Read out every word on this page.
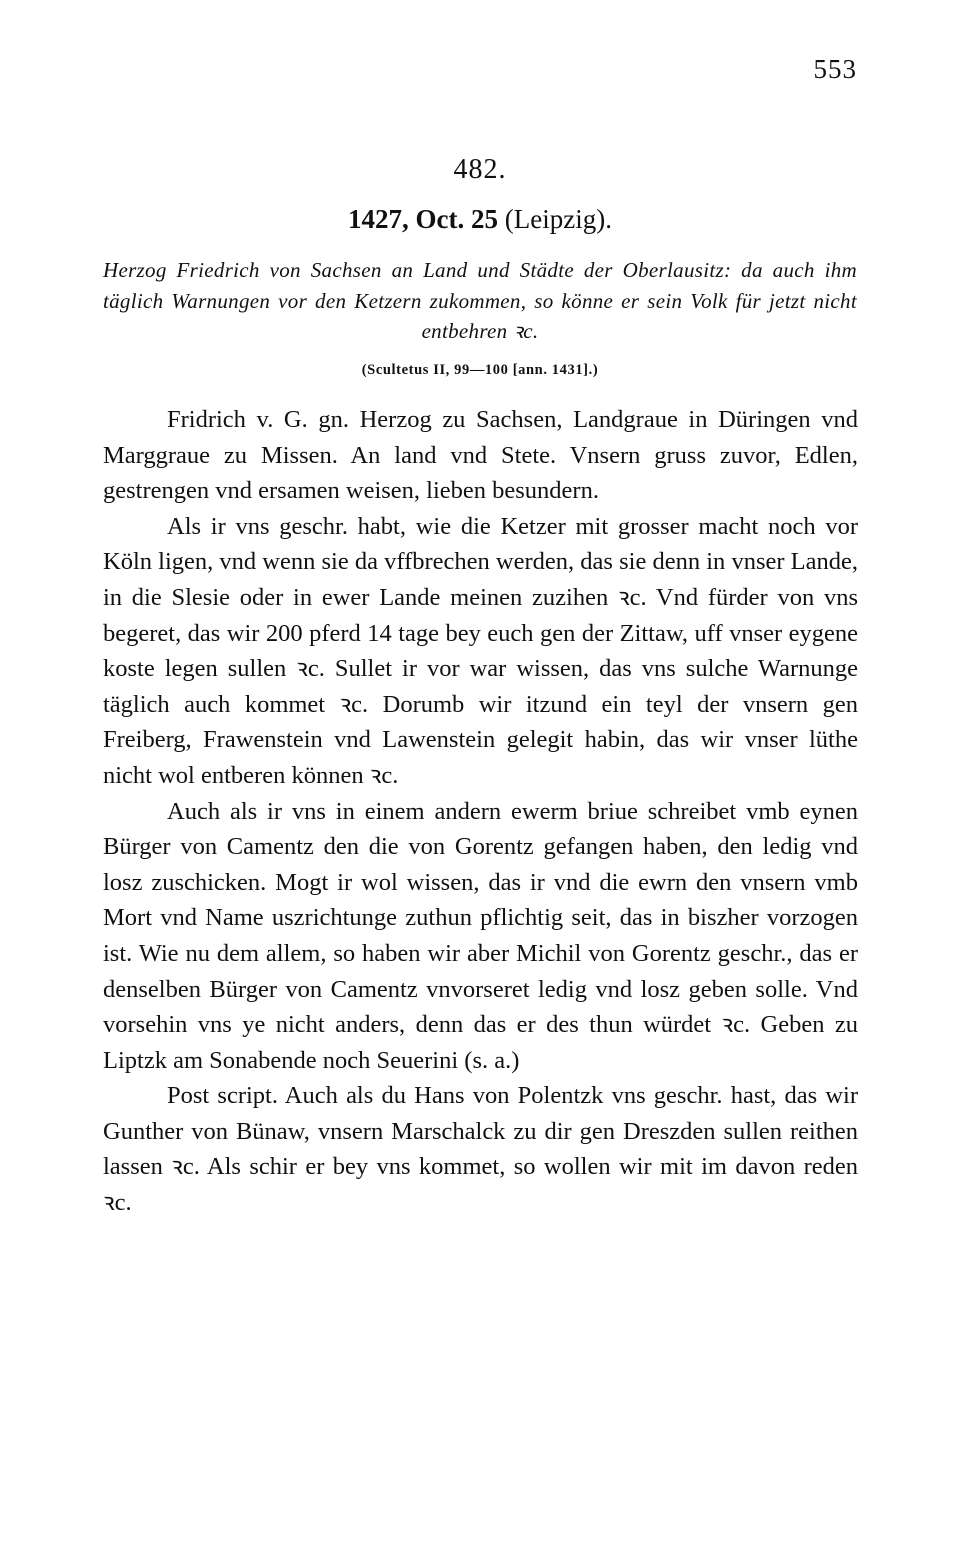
553
482.
1427, Oct. 25 (Leipzig).
Herzog Friedrich von Sachsen an Land und Städte der Oberlausitz: da auch ihm täglich Warnungen vor den Ketzern zukommen, so könne er sein Volk für jetzt nicht entbehren ꝛc.
(Scultetus II, 99—100 [ann. 1431].)

Fridrich v. G. gn. Herzog zu Sachsen, Landgraue in Düringen vnd Marggraue zu Missen. An land vnd Stete. Vnsern gruss zuvor, Edlen, gestrengen vnd ersamen weisen, lieben besundern.

Als ir vns geschr. habt, wie die Ketzer mit grosser macht noch vor Köln ligen, vnd wenn sie da vffbrechen werden, das sie denn in vnser Lande, in die Slesie oder in ewer Lande meinen zuzihen ꝛc. Vnd fürder von vns begeret, das wir 200 pferd 14 tage bey euch gen der Zittaw, uff vnser eygene koste legen sullen ꝛc. Sullet ir vor war wissen, das vns sulche Warnunge täglich auch kommet ꝛc. Dorumb wir itzund ein teyl der vnsern gen Freiberg, Frawenstein vnd Lawenstein gelegit habin, das wir vnser lüthe nicht wol entberen können ꝛc.

Auch als ir vns in einem andern ewerm briue schreibet vmb eynen Bürger von Camentz den die von Gorentz gefangen haben, den ledig vnd losz zuschicken. Mogt ir wol wissen, das ir vnd die ewrn den vnsern vmb Mort vnd Name uszrichtunge zuthun pflichtig seit, das in biszher vorzogen ist. Wie nu dem allem, so haben wir aber Michil von Gorentz geschr., das er denselben Bürger von Camentz vnvorseret ledig vnd losz geben solle. Vnd vorsehin vns ye nicht anders, denn das er des thun würdet ꝛc. Geben zu Liptzk am Sonabende noch Seuerini (s. a.)

Post script. Auch als du Hans von Polentzk vns geschr. hast, das wir Gunther von Bünaw, vnsern Marschalck zu dir gen Dreszden sullen reithen lassen ꝛc. Als schir er bey vns kommet, so wollen wir mit im davon reden ꝛc.
